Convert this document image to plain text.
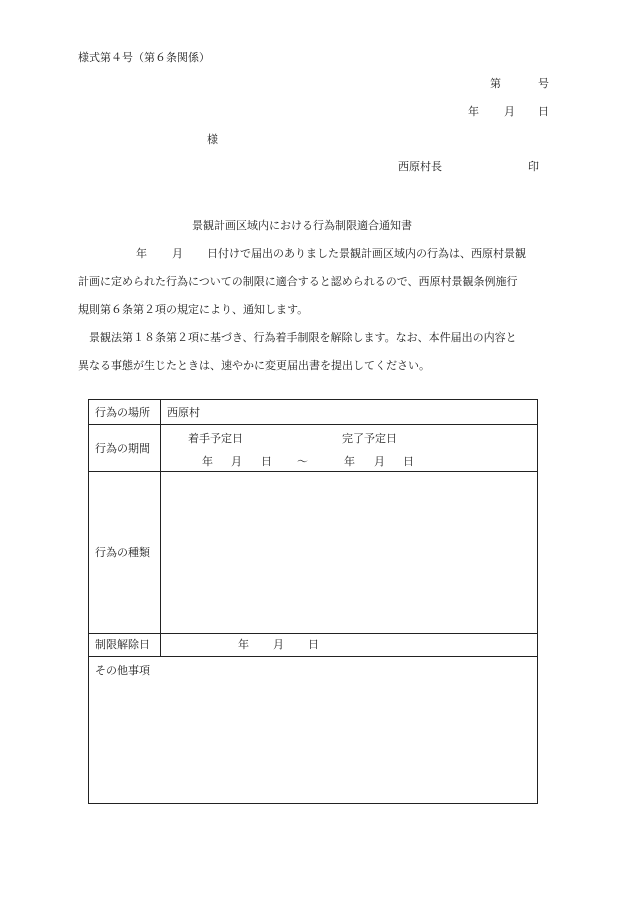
様式第４号（第６条関係）
第	号
年 月 日
様
西原村長	印
景観計画区域内における行為制限適合通知書
年 月 日付けで届出のありました景観計画区域内の行為は、西原村景観
計画に定められた行為についての制限に適合すると認められるので、西原村景観条例施行
規則第６条第２項の規定により、通知します。
景観法第１８条第２項に基づき、行為着手制限を解除します。なお、本件届出の内容と
異なる事態が生じたときは、速やかに変更届出書を提出してください。
行為の場所 西原村
行為の期間
着手予定日	完了予定日
年 月 日 ～	年 月 日
行為の種類
制限解除日	年 月 日
その他事項
